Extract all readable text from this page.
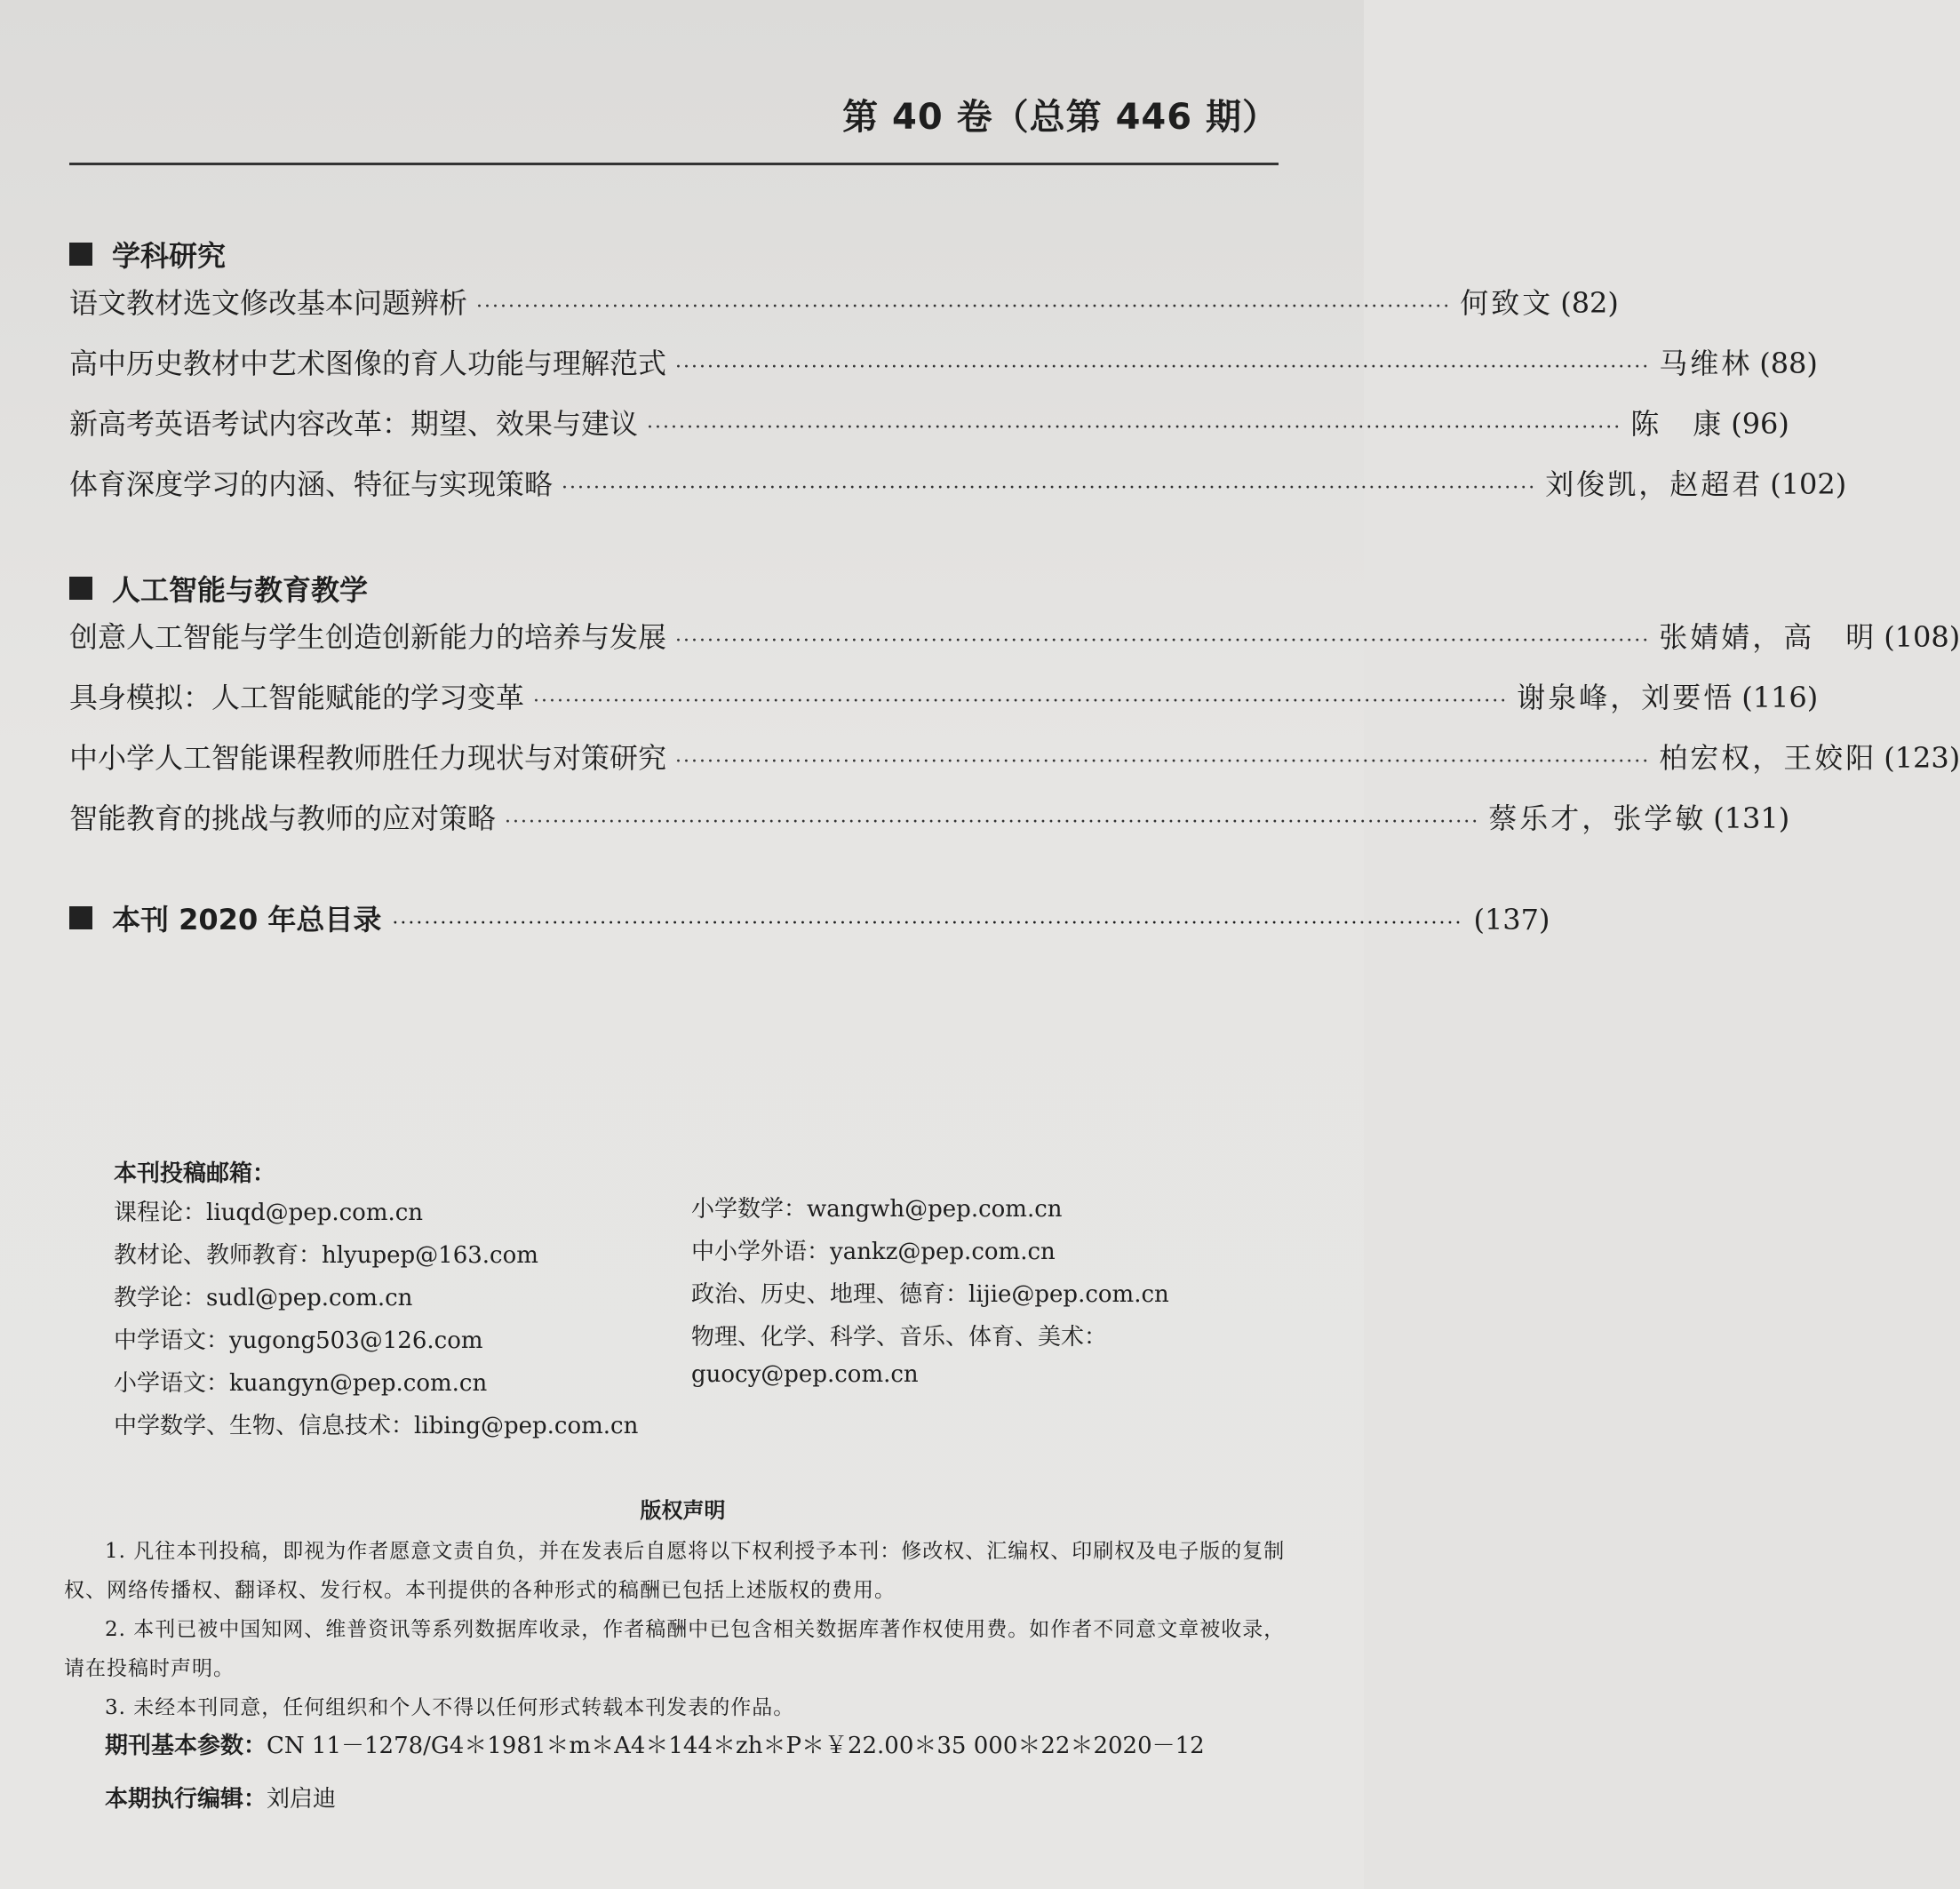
第 40 卷（总第 446 期）
学科研究
语文教材选文修改基本问题辨析 ·························································································································· 何致文 (82)
高中历史教材中艺术图像的育人功能与理解范式 ·························································································································· 马维林 (88)
新高考英语考试内容改革：期望、效果与建议 ·························································································································· 陈　康 (96)
体育深度学习的内涵、特征与实现策略 ·························································································································· 刘俊凯，赵超君 (102)
人工智能与教育教学
创意人工智能与学生创造创新能力的培养与发展 ·························································································································· 张婧婧，高　明 (108)
具身模拟：人工智能赋能的学习变革 ·························································································································· 谢泉峰，刘要悟 (116)
中小学人工智能课程教师胜任力现状与对策研究 ·························································································································· 柏宏权，王姣阳 (123)
智能教育的挑战与教师的应对策略 ·························································································································· 蔡乐才，张学敏 (131)
本刊 2020 年总目录 ······································································································································ (137)
本刊投稿邮箱：
课程论：liuqd@pep.com.cn
教材论、教师教育：hlyupep@163.com
教学论：sudl@pep.com.cn
中学语文：yugong503@126.com
小学语文：kuangyn@pep.com.cn
中学数学、生物、信息技术：libing@pep.com.cn
小学数学：wangwh@pep.com.cn
中小学外语：yankz@pep.com.cn
政治、历史、地理、德育：lijie@pep.com.cn
物理、化学、科学、音乐、体育、美术：
guocy@pep.com.cn
版权声明

1. 凡往本刊投稿，即视为作者愿意文责自负，并在发表后自愿将以下权利授予本刊：修改权、汇编权、印刷权及电子版的复制权、网络传播权、翻译权、发行权。本刊提供的各种形式的稿酬已包括上述版权的费用。

2. 本刊已被中国知网、维普资讯等系列数据库收录，作者稿酬中已包含相关数据库著作权使用费。如作者不同意文章被收录，请在投稿时声明。

3. 未经本刊同意，任何组织和个人不得以任何形式转载本刊发表的作品。

期刊基本参数：CN 11－1278/G4＊1981＊m＊A4＊144＊zh＊P＊￥22.00＊35 000＊22＊2020－12
本期执行编辑：刘启迪
